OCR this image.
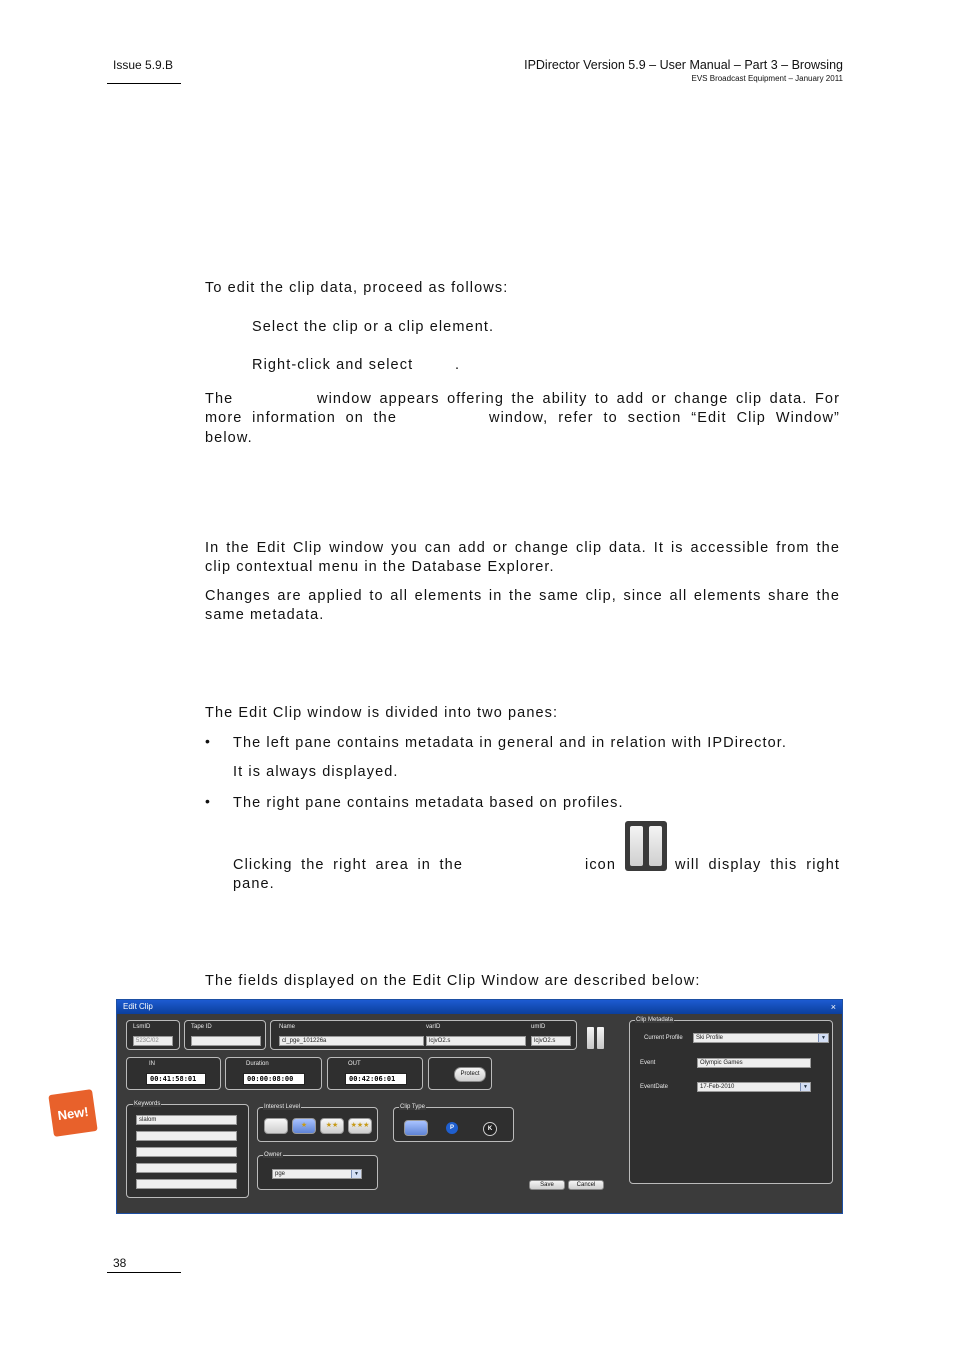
Issue 5.9.B	IPDirector Version 5.9 – User Manual – Part 3 – Browsing
EVS Broadcast Equipment – January 2011
To edit the clip data, proceed as follows:
Select the clip or a clip element.
Right-click and select	.
The	window appears offering the ability to add or change clip data. For
more information on the	window, refer to section “Edit Clip Window”
below.
In the Edit Clip window you can add or change clip data. It is accessible from the
clip contextual menu in the Database Explorer.
Changes are applied to all elements in the same clip, since all elements share the
same metadata.
The Edit Clip window is divided into two panes:
• The left pane contains metadata in general and in relation with IPDirector.
It is always displayed.
• The right pane contains metadata based on profiles.
Clicking the right area in the	icon	will display this right
pane.
The fields displayed on the Edit Clip Window are described below:
New!
Edit Clip	×
LsmID
523C/02
Tape ID	Name
cl_pge_101226a
varID
lcjvO2.s
umID
lcjvO2.s
IN
00:41:58:01
Duration
00:00:08:00
OUT
00:42:06:01
Protect
Keywords
slalom
Interest Level
★	★★	★★★
Clip Type
P	K
Owner
pge	▼
Save	Cancel
Clip Metadata
Current Profile	Ski Profile	▼
Event	Olympic Games
EventDate	17-Feb-2010	▼
38
